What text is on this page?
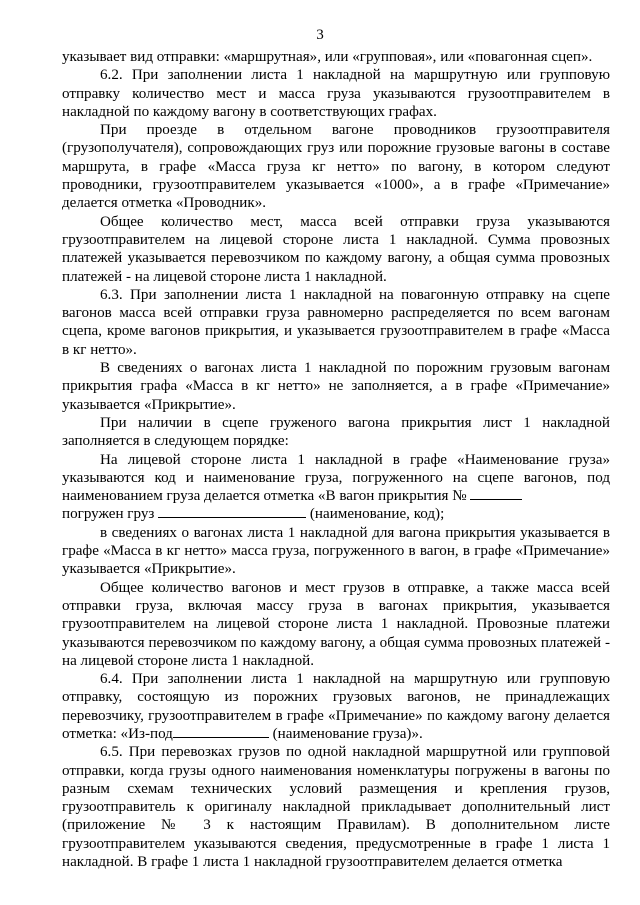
3

указывает вид отправки: «маршрутная», или «групповая», или «повагонная сцеп».

6.2. При заполнении листа 1 накладной на маршрутную или групповую отправку количество мест и масса груза указываются грузоотправителем в накладной по каждому вагону в соответствующих графах.

При проезде в отдельном вагоне проводников грузоотправителя (грузополучателя), сопровождающих груз или порожние грузовые вагоны в составе маршрута, в графе «Масса груза кг нетто» по вагону, в котором следуют проводники, грузоотправителем указывается «1000», а в графе «Примечание» делается отметка «Проводник».

Общее количество мест, масса всей отправки груза указываются грузоотправителем на лицевой стороне листа 1 накладной. Сумма провозных платежей указывается перевозчиком по каждому вагону, а общая сумма провозных платежей - на лицевой стороне листа 1 накладной.

6.3. При заполнении листа 1 накладной на повагонную отправку на сцепе вагонов масса всей отправки груза равномерно распределяется по всем вагонам сцепа, кроме вагонов прикрытия, и указывается грузоотправителем в графе «Масса в кг нетто».

В сведениях о вагонах листа 1 накладной по порожним грузовым вагонам прикрытия графа «Масса в кг нетто» не заполняется, а в графе «Примечание» указывается «Прикрытие».

При наличии в сцепе груженого вагона прикрытия лист 1 накладной заполняется в следующем порядке:

На лицевой стороне листа 1 накладной в графе «Наименование груза» указываются код и наименование груза, погруженного на сцепе вагонов, под наименованием груза делается отметка «В вагон прикрытия №

погружен груз	(наименование, код);

в сведениях о вагонах листа 1 накладной для вагона прикрытия указывается в графе «Масса в кг нетто» масса груза, погруженного в вагон, в графе «Примечание» указывается «Прикрытие».

Общее количество вагонов и мест грузов в отправке, а также масса всей отправки груза, включая массу груза в вагонах прикрытия, указывается грузоотправителем на лицевой стороне листа 1 накладной. Провозные платежи указываются перевозчиком по каждому вагону, а общая сумма провозных платежей - на лицевой стороне листа 1 накладной.

6.4. При заполнении листа 1 накладной на маршрутную или групповую отправку, состоящую из порожних грузовых вагонов, не принадлежащих перевозчику, грузоотправителем в графе «Примечание» по каждому вагону делается отметка: «Из-под	(наименование груза)».

6.5. При перевозках грузов по одной накладной маршрутной или групповой отправки, когда грузы одного наименования номенклатуры погружены в вагоны по разным схемам технических условий размещения и крепления грузов, грузоотправитель к оригиналу накладной прикладывает дополнительный лист (приложение № 3 к настоящим Правилам). В дополнительном листе грузоотправителем указываются сведения, предусмотренные в графе 1 листа 1 накладной. В графе 1 листа 1 накладной грузоотправителем делается отметка
